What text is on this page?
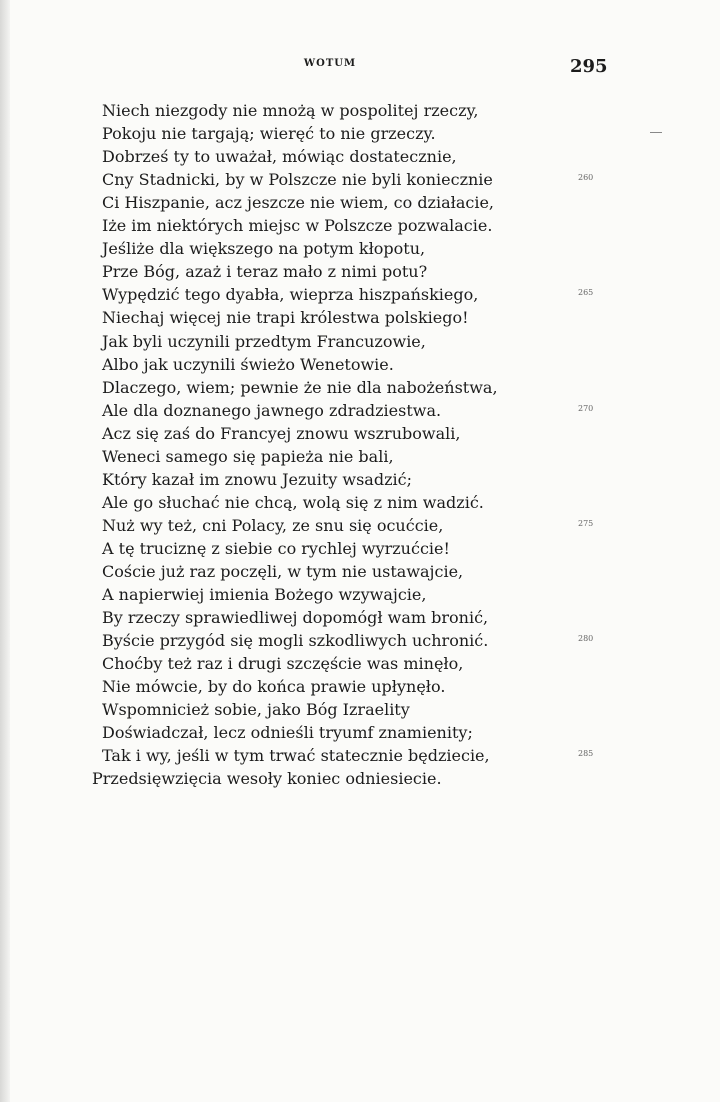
WOTUM	295
Niech niezgody nie mnożą w pospolitej rzeczy,
Pokoju nie targają; wieręć to nie grzeczy.
Dobrześ ty to uważał, mówiąc dostatecznie,
Cny Stadnicki, by w Polszcze nie byli koniecznie	260
Ci Hiszpanie, acz jeszcze nie wiem, co działacie,
Iże im niektórych miejsc w Polszcze pozwalacie.
Jeśliże dla większego na potym kłopotu,
Prze Bóg, azaż i teraz mało z nimi potu?
Wypędzić tego dyabła, wieprza hiszpańskiego,	265
Niechaj więcej nie trapi królestwa polskiego!
Jak byli uczynili przedtym Francuzowie,
Albo jak uczynili świeżo Wenetowie.
Dlaczego, wiem; pewnie że nie dla nabożeństwa,
Ale dla doznanego jawnego zdradziestwa.	270
Acz się zaś do Francyej znowu wszrubowali,
Weneci samego się papieża nie bali,
Który kazał im znowu Jezuity wsadzić;
Ale go słuchać nie chcą, wolą się z nim wadzić.
Nuż wy też, cni Polacy, ze snu się ocućcie,	275
A tę truciznę z siebie co rychlej wyrzućcie!
Coście już raz poczęli, w tym nie ustawajcie,
A napierwiej imienia Bożego wzywajcie,
By rzeczy sprawiedliwej dopomógł wam bronić,
Byście przygód się mogli szkodliwych uchronić.	280
Choćby też raz i drugi szczęście was minęło,
Nie mówcie, by do końca prawie upłynęło.
Wspomnicież sobie, jako Bóg Izraelity
Doświadczał, lecz odnieśli tryumf znamienity;
Tak i wy, jeśli w tym trwać statecznie będziecie,	285
Przedsięwzięcia wesoły koniec odniesiecie.
